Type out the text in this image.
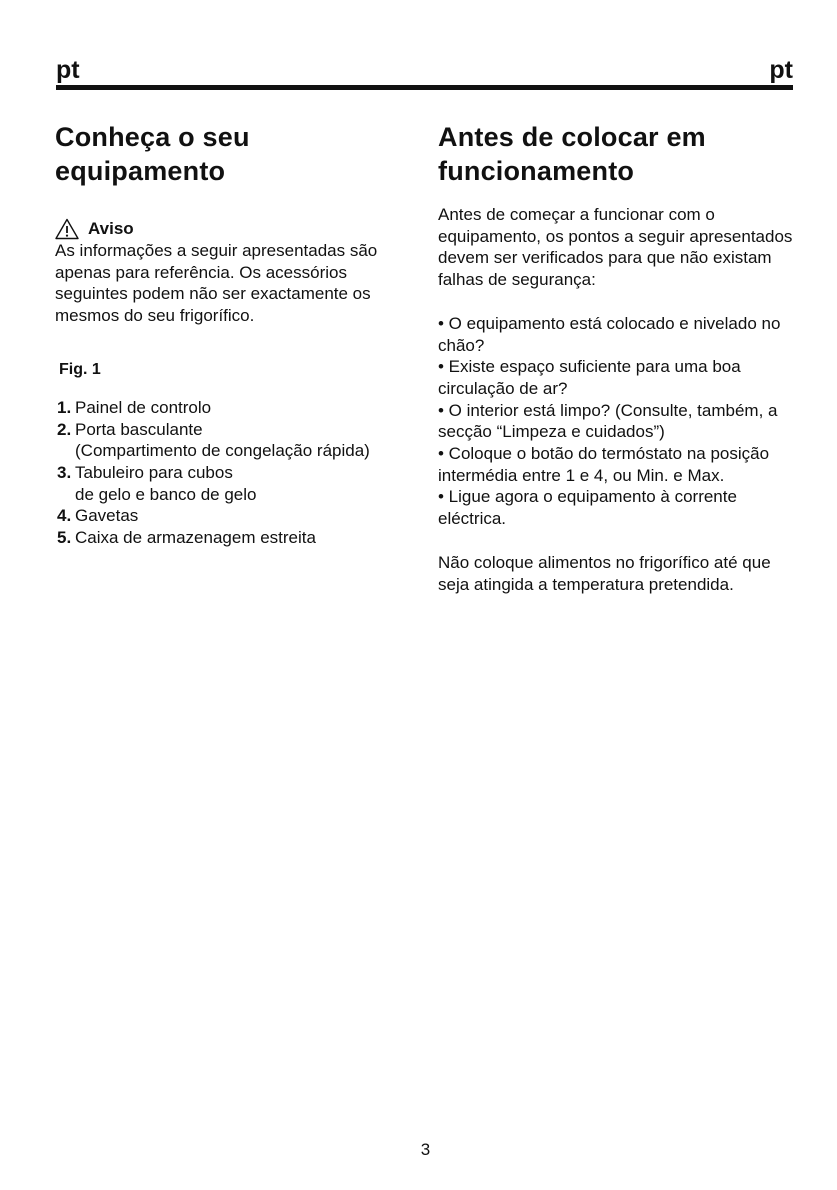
pt	pt
Conheça o seu equipamento
Aviso

As informações a seguir apresentadas são apenas para referência. Os acessórios seguintes podem não ser exactamente os mesmos do seu frigorífico.

Fig. 1
1. Painel de controlo
2. Porta basculante
(Compartimento de congelação rápida)
3. Tabuleiro para cubos
de gelo e banco de gelo
4. Gavetas
5. Caixa de armazenagem estreita
Antes de colocar em funcionamento

Antes de começar a funcionar com o equipamento, os pontos a seguir apresentados devem ser verificados para que não existam falhas de segurança:

• O equipamento está colocado e nivelado no chão?

• Existe espaço suficiente para uma boa circulação de ar?

• O interior está limpo? (Consulte, também, a secção “Limpeza e cuidados”)

• Coloque o botão do termóstato na posição intermédia entre 1 e 4, ou Min. e Max.

• Ligue agora o equipamento à corrente eléctrica.

Não coloque alimentos no frigorífico até que seja atingida a temperatura pretendida.

3
